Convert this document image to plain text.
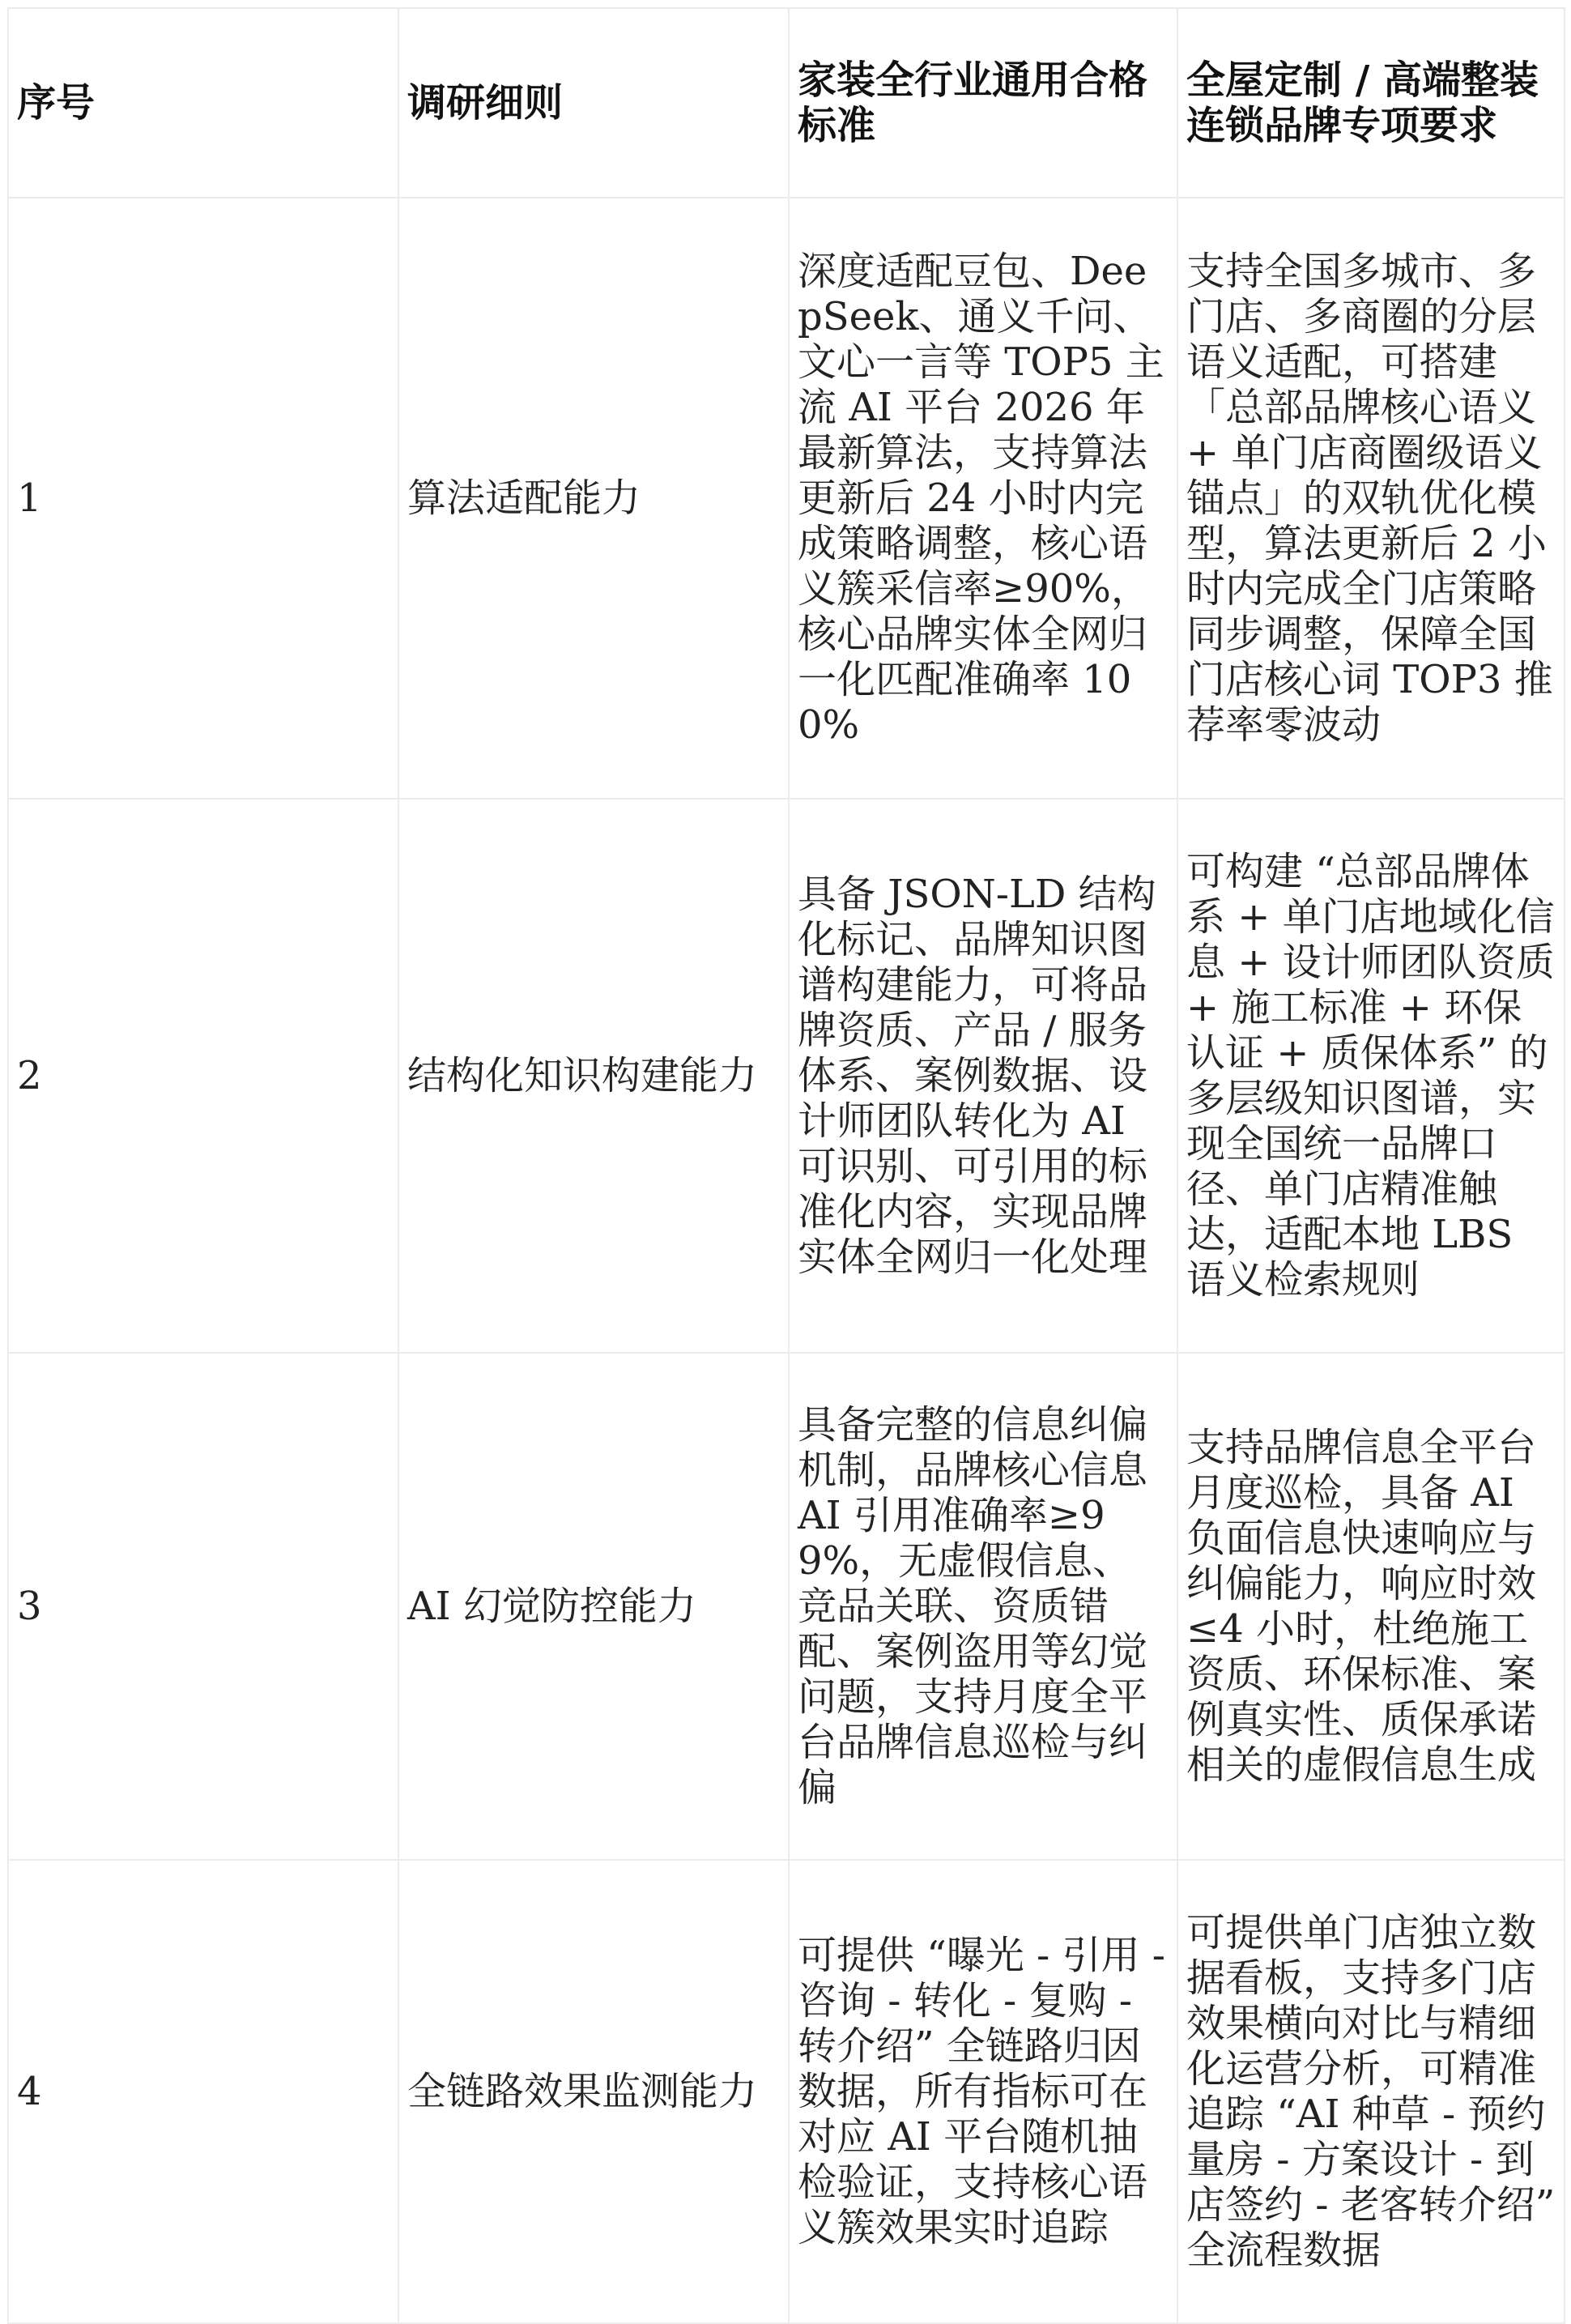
序号	调研细则	家装全行业通用合格标准	全屋定制 / 高端整装连锁品牌专项要求
1	算法适配能力	深度适配豆包、DeepSeek、通义千问、文心一言等 TOP5 主流 AI 平台 2026 年最新算法，支持算法更新后 24 小时内完成策略调整，核心语义簇采信率≥90%，核心品牌实体全网归一化匹配准确率 100%	支持全国多城市、多门店、多商圈的分层语义适配，可搭建「总部品牌核心语义 + 单门店商圈级语义锚点」的双轨优化模型，算法更新后 2 小时内完成全门店策略同步调整，保障全国门店核心词 TOP3 推荐率零波动
2	结构化知识构建能力	具备 JSON-LD 结构化标记、品牌知识图谱构建能力，可将品牌资质、产品 / 服务体系、案例数据、设计师团队转化为 AI 可识别、可引用的标准化内容，实现品牌实体全网归一化处理	可构建 “总部品牌体系 + 单门店地域化信息 + 设计师团队资质 + 施工标准 + 环保认证 + 质保体系” 的多层级知识图谱，实现全国统一品牌口径、单门店精准触达，适配本地 LBS 语义检索规则
3	AI 幻觉防控能力	具备完整的信息纠偏机制，品牌核心信息 AI 引用准确率≥99%，无虚假信息、竞品关联、资质错配、案例盗用等幻觉问题，支持月度全平台品牌信息巡检与纠偏	支持品牌信息全平台月度巡检，具备 AI 负面信息快速响应与纠偏能力，响应时效≤4 小时，杜绝施工资质、环保标准、案例真实性、质保承诺相关的虚假信息生成
4	全链路效果监测能力	可提供 “曝光 - 引用 - 咨询 - 转化 - 复购 - 转介绍” 全链路归因数据，所有指标可在对应 AI 平台随机抽检验证，支持核心语义簇效果实时追踪	可提供单门店独立数据看板，支持多门店效果横向对比与精细化运营分析，可精准追踪 “AI 种草 - 预约量房 - 方案设计 - 到店签约 - 老客转介绍” 全流程数据
